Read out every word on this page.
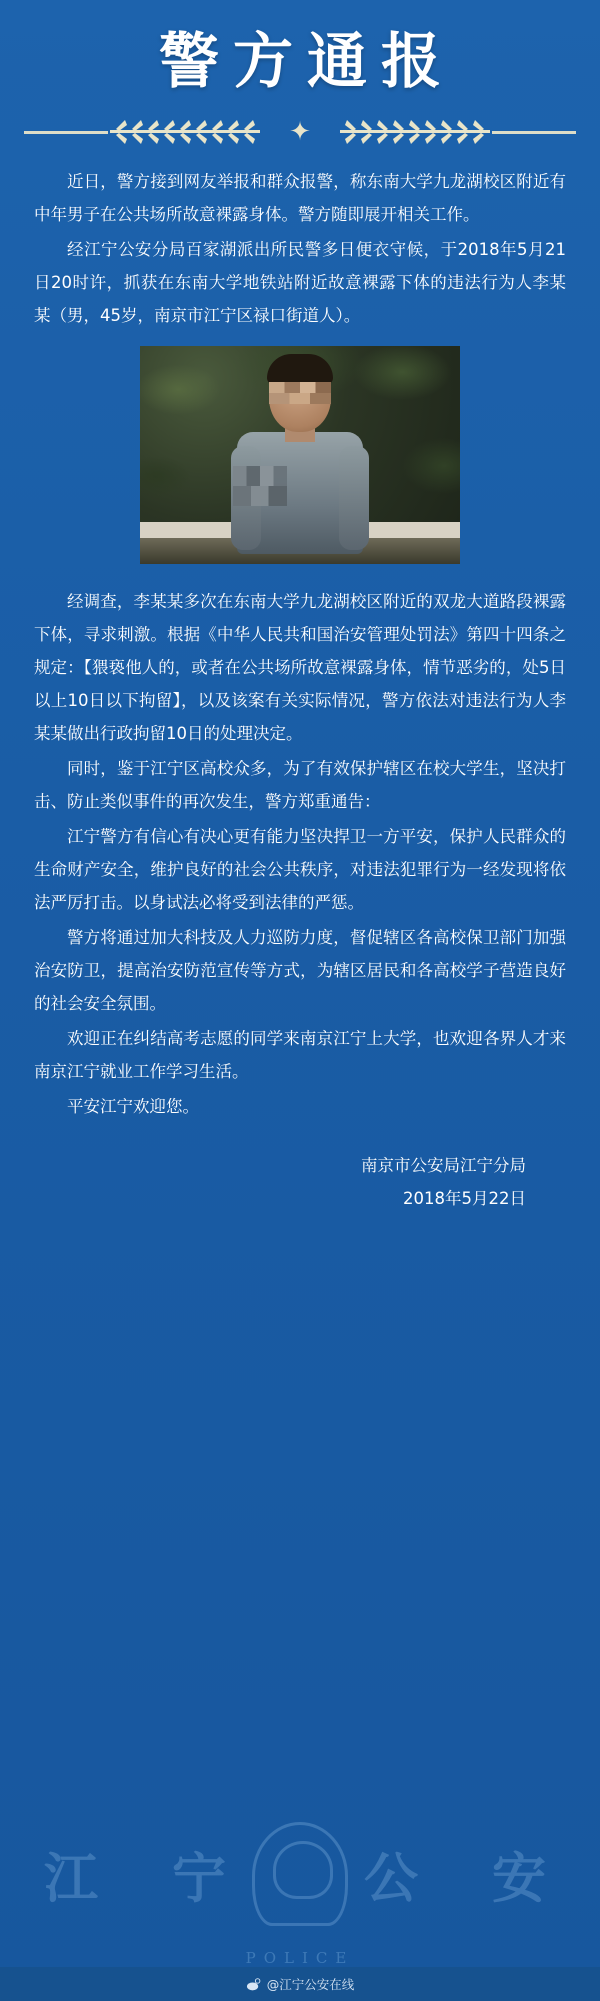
警方通报
✦

近日，警方接到网友举报和群众报警，称东南大学九龙湖校区附近有中年男子在公共场所故意裸露身体。警方随即展开相关工作。

经江宁公安分局百家湖派出所民警多日便衣守候，于2018年5月21日20时许，抓获在东南大学地铁站附近故意裸露下体的违法行为人李某某（男，45岁，南京市江宁区禄口街道人）。

经调查，李某某多次在东南大学九龙湖校区附近的双龙大道路段裸露下体，寻求刺激。根据《中华人民共和国治安管理处罚法》第四十四条之规定：【猥亵他人的，或者在公共场所故意裸露身体，情节恶劣的，处5日以上10日以下拘留】，以及该案有关实际情况，警方依法对违法行为人李某某做出行政拘留10日的处理决定。

同时，鉴于江宁区高校众多，为了有效保护辖区在校大学生，坚决打击、防止类似事件的再次发生，警方郑重通告：

江宁警方有信心有决心更有能力坚决捍卫一方平安，保护人民群众的生命财产安全，维护良好的社会公共秩序，对违法犯罪行为一经发现将依法严厉打击。以身试法必将受到法律的严惩。

警方将通过加大科技及人力巡防力度，督促辖区各高校保卫部门加强治安防卫，提高治安防范宣传等方式，为辖区居民和各高校学子营造良好的社会安全氛围。

欢迎正在纠结高考志愿的同学来南京江宁上大学，也欢迎各界人才来南京江宁就业工作学习生活。

平安江宁欢迎您。

南京市公安局江宁分局
2018年5月22日
江　宁 公　安
POLICE
@江宁公安在线
